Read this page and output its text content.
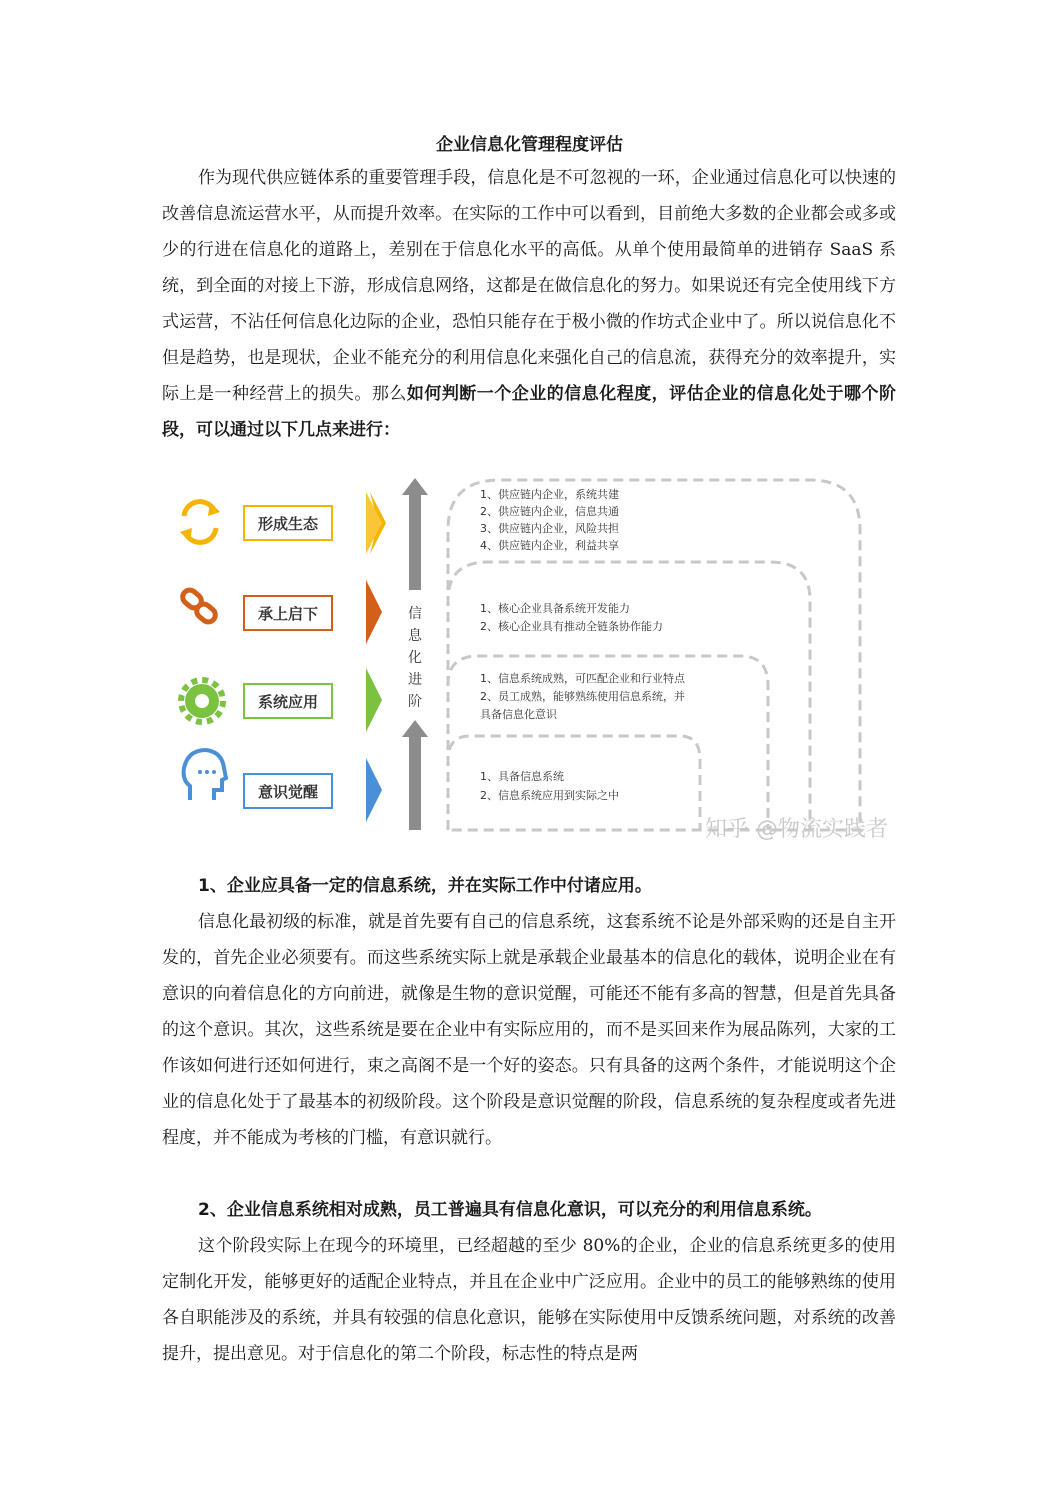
企业信息化管理程度评估
作为现代供应链体系的重要管理手段，信息化是不可忽视的一环，企业通过信息化可以快速的改善信息流运营水平，从而提升效率。在实际的工作中可以看到，目前绝大多数的企业都会或多或少的行进在信息化的道路上，差别在于信息化水平的高低。从单个使用最简单的进销存 SaaS 系统，到全面的对接上下游，形成信息网络，这都是在做信息化的努力。如果说还有完全使用线下方式运营，不沾任何信息化边际的企业，恐怕只能存在于极小微的作坊式企业中了。所以说信息化不但是趋势，也是现状，企业不能充分的利用信息化来强化自己的信息流，获得充分的效率提升，实际上是一种经营上的损失。那么如何判断一个企业的信息化程度，评估企业的信息化处于哪个阶段，可以通过以下几点来进行：
信
息
化
进
阶
形成生态
1、供应链内企业，系统共建
2、供应链内企业，信息共通
3、供应链内企业，风险共担
4、供应链内企业，利益共享
承上启下	1、核心企业具备系统开发能力
2、核心企业具有推动全链条协作能力
系统应用
1、信息系统成熟，可匹配企业和行业特点
2、员工成熟，能够熟练使用信息系统，并
具备信息化意识
意识觉醒
1、具备信息系统
2、信息系统应用到实际之中
知乎 @物流实践者
1、企业应具备一定的信息系统，并在实际工作中付诸应用。
信息化最初级的标准，就是首先要有自己的信息系统，这套系统不论是外部采购的还是自主开发的，首先企业必须要有。而这些系统实际上就是承载企业最基本的信息化的载体，说明企业在有意识的向着信息化的方向前进，就像是生物的意识觉醒，可能还不能有多高的智慧，但是首先具备的这个意识。其次，这些系统是要在企业中有实际应用的，而不是买回来作为展品陈列，大家的工作该如何进行还如何进行，束之高阁不是一个好的姿态。只有具备的这两个条件，才能说明这个企业的信息化处于了最基本的初级阶段。这个阶段是意识觉醒的阶段，信息系统的复杂程度或者先进程度，并不能成为考核的门槛，有意识就行。
2、企业信息系统相对成熟，员工普遍具有信息化意识，可以充分的利用信息系统。
这个阶段实际上在现今的环境里，已经超越的至少 80%的企业，企业的信息系统更多的使用定制化开发，能够更好的适配企业特点，并且在企业中广泛应用。企业中的员工的能够熟练的使用各自职能涉及的系统，并具有较强的信息化意识，能够在实际使用中反馈系统问题，对系统的改善提升，提出意见。对于信息化的第二个阶段，标志性的特点是两
